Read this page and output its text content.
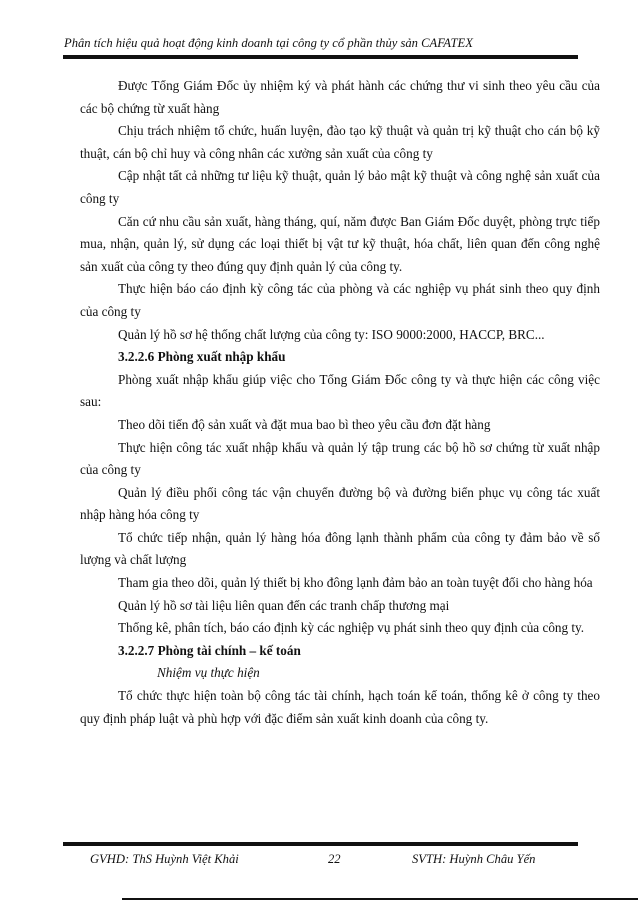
Phân tích hiệu quả hoạt động kinh doanh tại công ty cổ phần thủy sản CAFATEX

Được Tổng Giám Đốc ủy nhiệm ký và phát hành các chứng thư vi sinh theo yêu cầu của các bộ chứng từ xuất hàng

Chịu trách nhiệm tổ chức, huấn luyện, đào tạo kỹ thuật và quản trị kỹ thuật cho cán bộ kỹ thuật, cán bộ chỉ huy và công nhân các xưởng sản xuất của công ty

Cập nhật tất cả những tư liệu kỹ thuật, quản lý bảo mật kỹ thuật và công nghệ sản xuất của công ty

Căn cứ nhu cầu sản xuất, hàng tháng, quí, năm được Ban Giám Đốc duyệt, phòng trực tiếp mua, nhận, quản lý, sử dụng các loại thiết bị vật tư kỹ thuật, hóa chất, liên quan đến công nghệ sản xuất của công ty theo đúng quy định quản lý của công ty.

Thực hiện báo cáo định kỳ công tác của phòng và các nghiệp vụ phát sinh theo quy định của công ty

Quản lý hồ sơ hệ thống chất lượng của công ty: ISO 9000:2000, HACCP, BRC...

3.2.2.6 Phòng xuất nhập khẩu

Phòng xuất nhập khẩu giúp việc cho Tổng Giám Đốc công ty và thực hiện các công việc sau:

Theo dõi tiến độ sản xuất và đặt mua bao bì theo yêu cầu đơn đặt hàng

Thực hiện công tác xuất nhập khẩu và quản lý tập trung các bộ hồ sơ chứng từ xuất nhập của công ty

Quản lý điều phối công tác vận chuyển đường bộ và đường biển phục vụ công tác xuất nhập hàng hóa công ty

Tổ chức tiếp nhận, quản lý hàng hóa đông lạnh thành phẩm của công ty đảm bảo về số lượng và chất lượng

Tham gia theo dõi, quản lý thiết bị kho đông lạnh đảm bảo an toàn tuyệt đối cho hàng hóa

Quản lý hồ sơ tài liệu liên quan đến các tranh chấp thương mại

Thống kê, phân tích, báo cáo định kỳ các nghiệp vụ phát sinh theo quy định của công ty.

3.2.2.7 Phòng tài chính – kế toán

Nhiệm vụ thực hiện

Tổ chức thực hiện toàn bộ công tác tài chính, hạch toán kế toán, thống kê ở công ty theo quy định pháp luật và phù hợp với đặc điểm sản xuất kinh doanh của công ty.

GVHD: ThS Huỳnh Việt Khải	22	SVTH: Huỳnh Châu Yến
